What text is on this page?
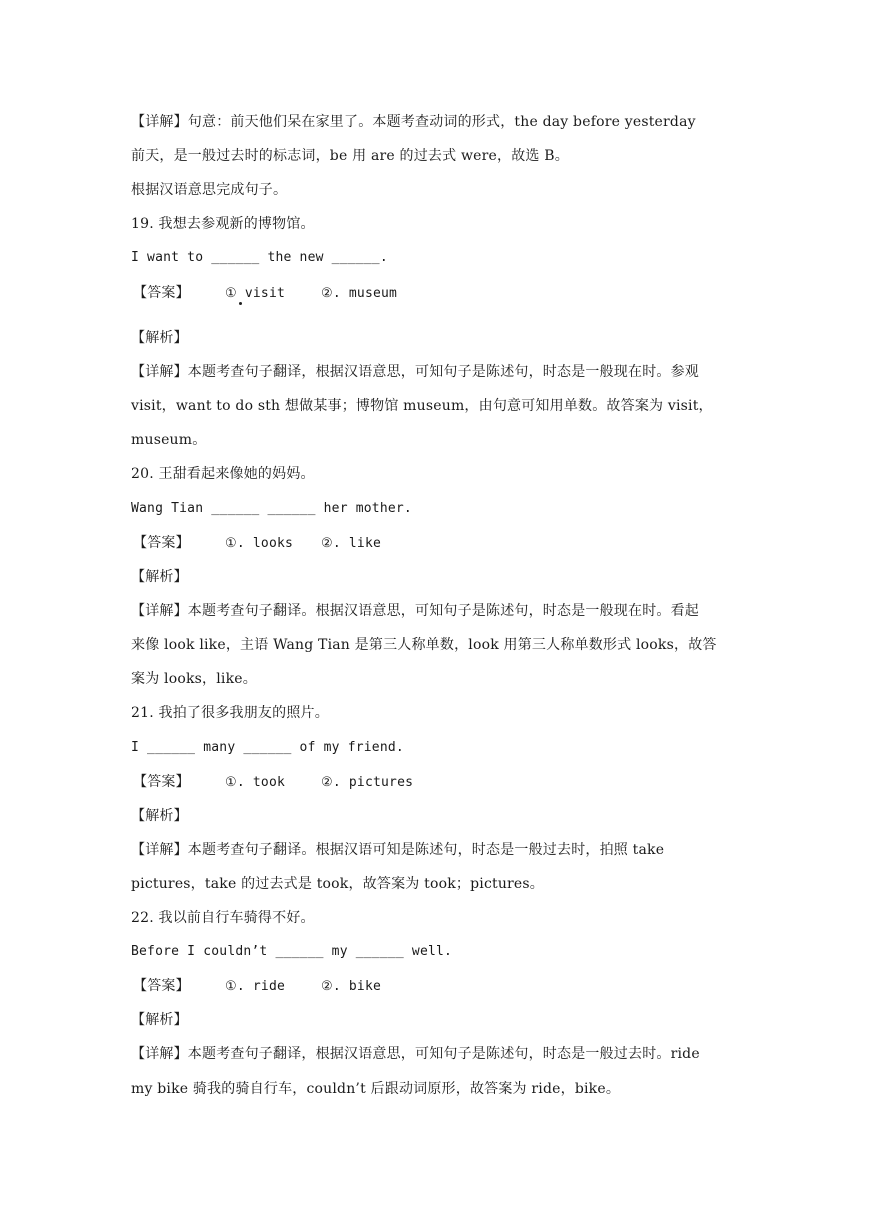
【详解】句意：前天他们呆在家里了。本题考查动词的形式，the day before yesterday
前天，是一般过去时的标志词，be 用 are 的过去式 were，故选 B。
根据汉语意思完成句子。
19. 我想去参观新的博物馆。
I want to ______ the new ______.
【答案】	① visit	②. museum
【解析】
【详解】本题考查句子翻译，根据汉语意思，可知句子是陈述句，时态是一般现在时。参观
visit，want to do sth 想做某事；博物馆 museum，由句意可知用单数。故答案为 visit，
museum。
20. 王甜看起来像她的妈妈。
Wang Tian ______ ______ her mother.
【答案】	①. looks ②. like
【解析】
【详解】本题考查句子翻译。根据汉语意思，可知句子是陈述句，时态是一般现在时。看起
来像 look like，主语 Wang Tian 是第三人称单数，look 用第三人称单数形式 looks，故答
案为 looks，like。
21. 我拍了很多我朋友的照片。
I ______ many ______ of my friend.
【答案】	①. took	②. pictures
【解析】
【详解】本题考查句子翻译。根据汉语可知是陈述句，时态是一般过去时，拍照 take
pictures，take 的过去式是 took，故答案为 took；pictures。
22. 我以前自行车骑得不好。
Before I couldn’t ______ my ______ well.
【答案】	①. ride	②. bike
【解析】
【详解】本题考查句子翻译，根据汉语意思，可知句子是陈述句，时态是一般过去时。ride
my bike 骑我的骑自行车，couldn’t 后跟动词原形，故答案为 ride，bike。
